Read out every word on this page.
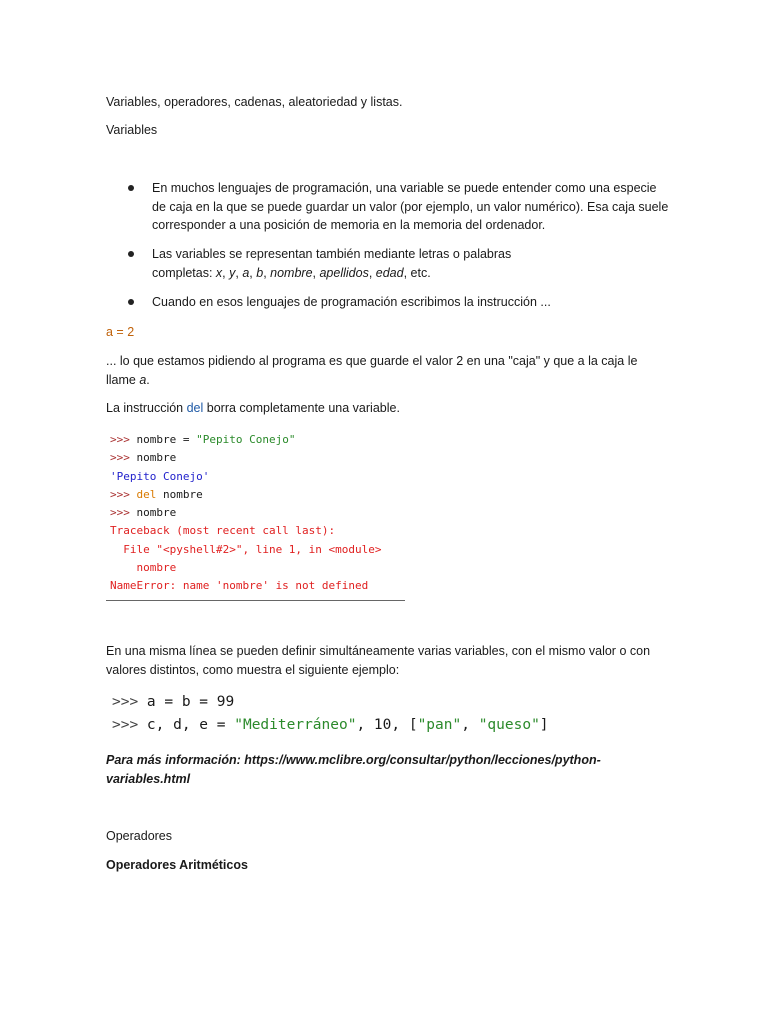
Variables, operadores, cadenas, aleatoriedad y listas.
Variables
En muchos lenguajes de programación, una variable se puede entender como una especie de caja en la que se puede guardar un valor (por ejemplo, un valor numérico). Esa caja suele corresponder a una posición de memoria en la memoria del ordenador.
Las variables se representan también mediante letras o palabras completas: x, y, a, b, nombre, apellidos, edad, etc.
Cuando en esos lenguajes de programación escribimos la instrucción ...
a = 2
... lo que estamos pidiendo al programa es que guarde el valor 2 en una "caja" y que a la caja le llame a.
La instrucción del borra completamente una variable.
>>> nombre = "Pepito Conejo"
>>> nombre
'Pepito Conejo'
>>> del nombre
>>> nombre
Traceback (most recent call last):
File "<pyshell#2>", line 1, in <module>
nombre
NameError: name 'nombre' is not defined
En una misma línea se pueden definir simultáneamente varias variables, con el mismo valor o con valores distintos, como muestra el siguiente ejemplo:
>>> a = b = 99
>>> c, d, e = "Mediterráneo", 10, ["pan", "queso"]
Para más información: https://www.mclibre.org/consultar/python/lecciones/python-variables.html
Operadores
Operadores Aritméticos
